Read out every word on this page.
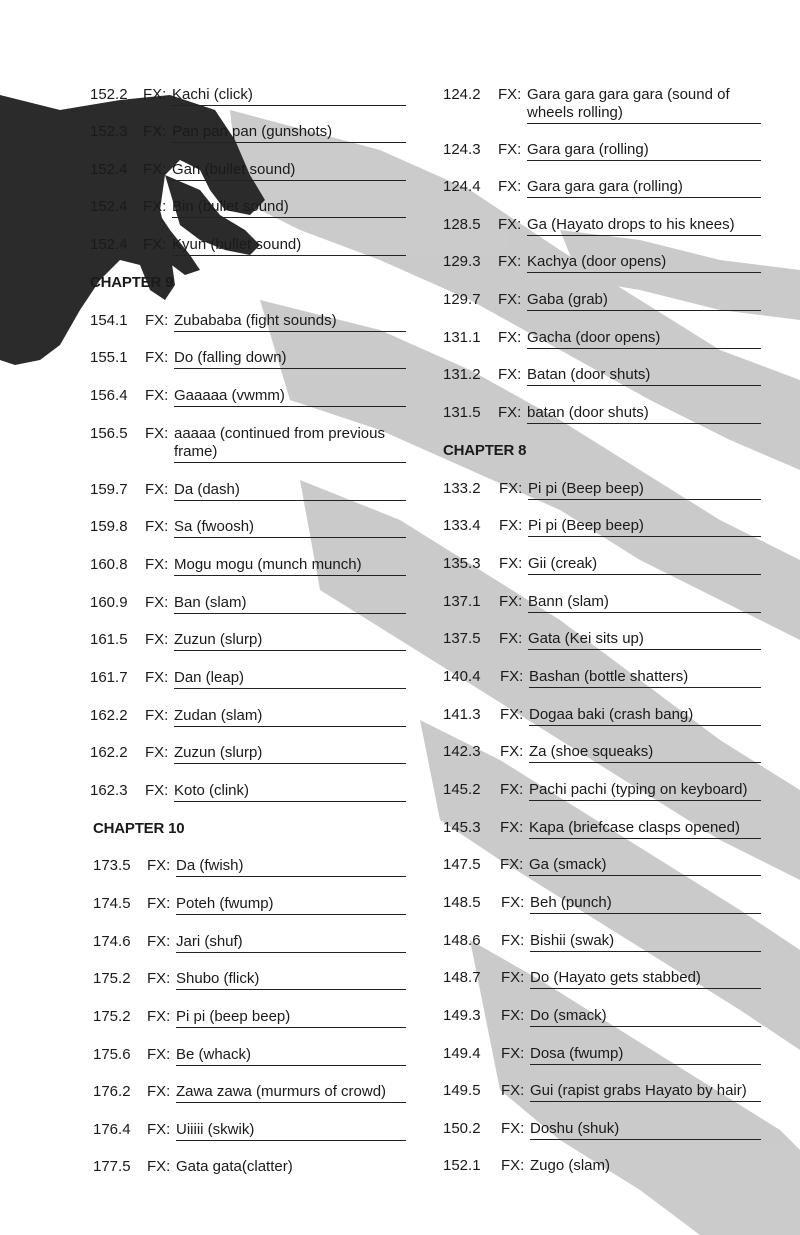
152.2 FX: Kachi (click)
152.3 FX: Pan pan pan (gunshots)
152.4 FX: Gan (bullet sound)
152.4 FX: Bin (bullet sound)
152.4 FX: Kyun (bullet sound)
CHAPTER 9
154.1 FX: Zubababa (fight sounds)
155.1 FX: Do (falling down)
156.4 FX: Gaaaaa (vwmm)
156.5 FX: aaaaa (continued from previous frame)
159.7 FX: Da (dash)
159.8 FX: Sa (fwoosh)
160.8 FX: Mogu mogu (munch munch)
160.9 FX: Ban (slam)
161.5 FX: Zuzun (slurp)
161.7 FX: Dan (leap)
162.2 FX: Zudan (slam)
162.2 FX: Zuzun (slurp)
162.3 FX: Koto (clink)
CHAPTER 10
173.5 FX: Da (fwish)
174.5 FX: Poteh (fwump)
174.6 FX: Jari (shuf)
175.2 FX: Shubo (flick)
175.2 FX: Pi pi (beep beep)
175.6 FX: Be (whack)
176.2 FX: Zawa zawa (murmurs of crowd)
176.4 FX: Uiiiii (skwik)
177.5 FX: Gata gata(clatter)
124.2 FX: Gara gara gara gara (sound of wheels rolling)
124.3 FX: Gara gara (rolling)
124.4 FX: Gara gara gara (rolling)
128.5 FX: Ga (Hayato drops to his knees)
129.3 FX: Kachya (door opens)
129.7 FX: Gaba (grab)
131.1 FX: Gacha (door opens)
131.2 FX: Batan (door shuts)
131.5 FX: batan (door shuts)
CHAPTER 8
133.2 FX: Pi pi (Beep beep)
133.4 FX: Pi pi (Beep beep)
135.3 FX: Gii (creak)
137.1 FX: Bann (slam)
137.5 FX: Gata (Kei sits up)
140.4 FX: Bashan (bottle shatters)
141.3 FX: Dogaa baki (crash bang)
142.3 FX: Za (shoe squeaks)
145.2 FX: Pachi pachi (typing on keyboard)
145.3 FX: Kapa (briefcase clasps opened)
147.5 FX: Ga (smack)
148.5 FX: Beh (punch)
148.6 FX: Bishii (swak)
148.7 FX: Do (Hayato gets stabbed)
149.3 FX: Do (smack)
149.4 FX: Dosa (fwump)
149.5 FX: Gui (rapist grabs Hayato by hair)
150.2 FX: Doshu (shuk)
152.1 FX: Zugo (slam)
